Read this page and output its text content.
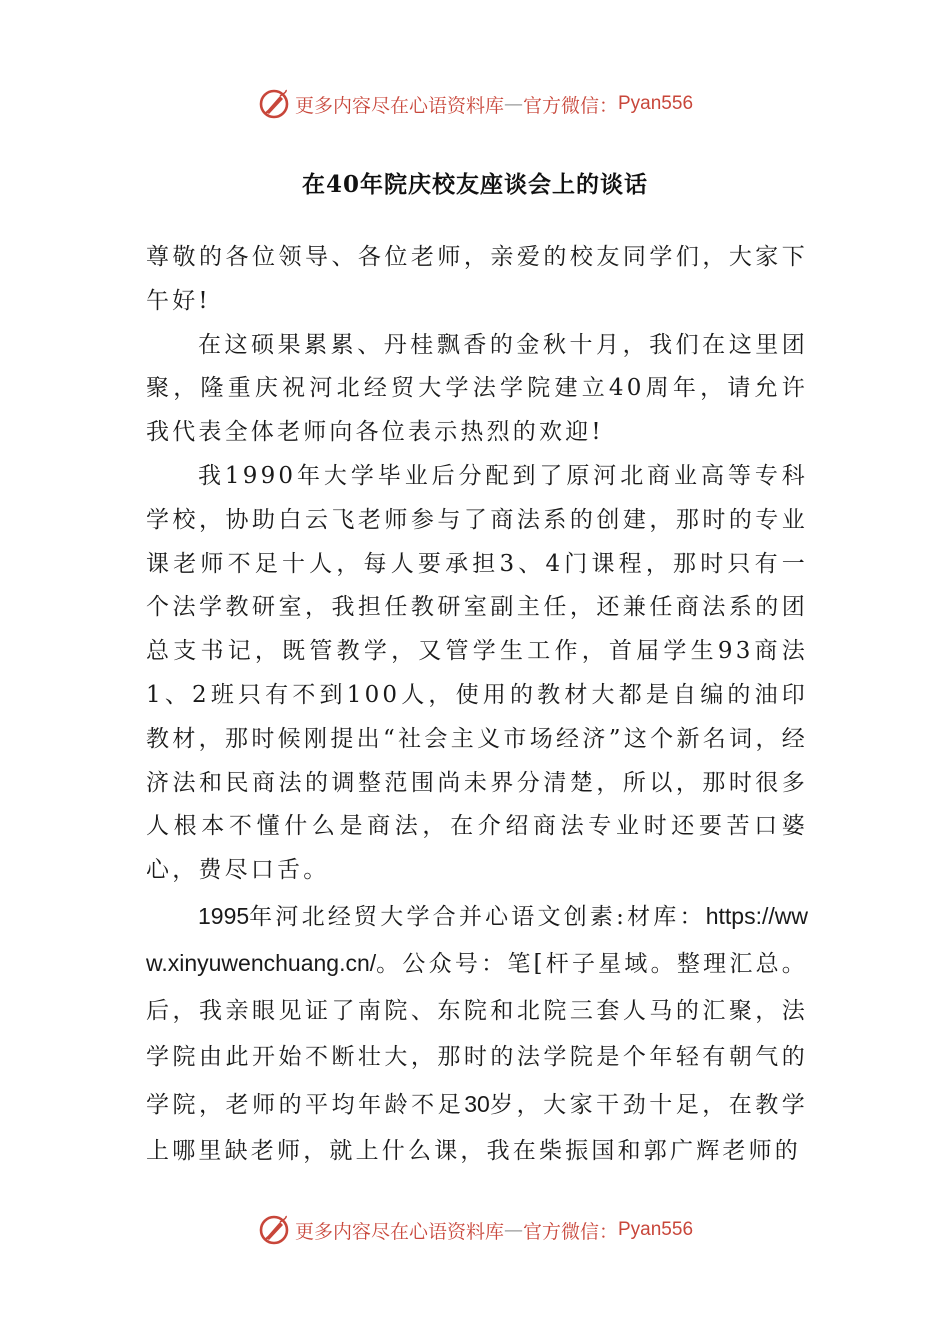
更多内容尽在心语资料库 — 官方微信： Pyan556
在40年院庆校友座谈会上的谈话

尊敬的各位领导、各位老师，亲爱的校友同学们，大家下午好!

在这硕果累累、丹桂飘香的金秋十月，我们在这里团聚，隆重庆祝河北经贸大学法学院建立40周年，请允许我代表全体老师向各位表示热烈的欢迎!

我1990年大学毕业后分配到了原河北商业高等专科学校，协助白云飞老师参与了商法系的创建，那时的专业课老师不足十人，每人要承担3、4门课程，那时只有一个法学教研室，我担任教研室副主任，还兼任商法系的团总支书记，既管教学，又管学生工作，首届学生93商法1、2班只有不到100人，使用的教材大都是自编的油印教材，那时候刚提出“社会主义市场经济”这个新名词，经济法和民商法的调整范围尚未界分清楚，所以，那时很多人根本不懂什么是商法，在介绍商法专业时还要苦口婆心，费尽口舌。

1995年河北经贸大学合并心语文创素:材库：https://www.xinyuwenchuang.cn/。公众号：笔[杆子星域。整理汇总。后，我亲眼见证了南院、东院和北院三套人马的汇聚，法学院由此开始不断壮大，那时的法学院是个年轻有朝气的学院，老师的平均年龄不足30岁，大家干劲十足，在教学上哪里缺老师，就上什么课，我在柴振国和郭广辉老师的

更多内容尽在心语资料库 — 官方微信： Pyan556
